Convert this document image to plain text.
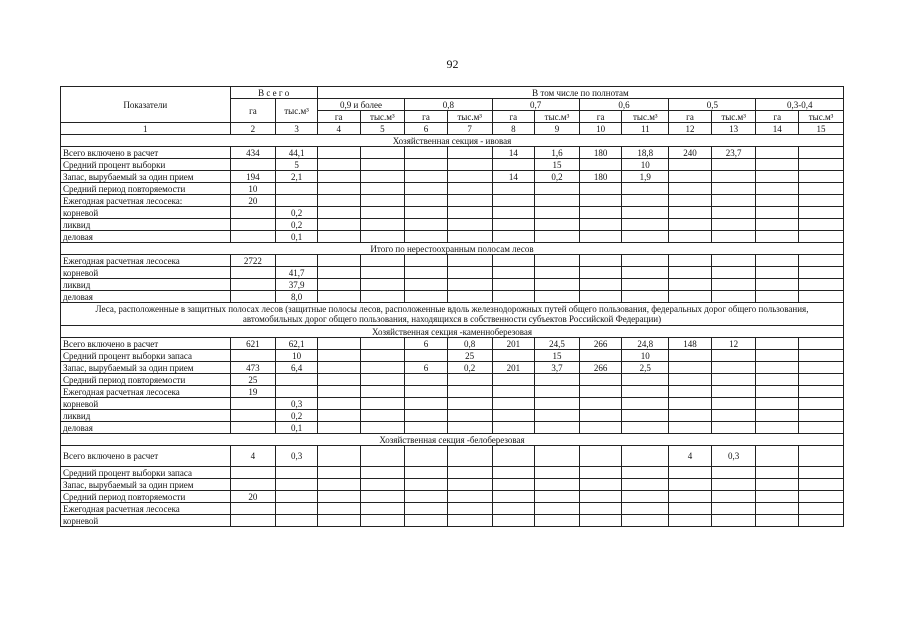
92
Показатели	В с е г о		В том числе по полнотам											
	га	тыс.м³	0,9 и более		0,8		0,7		0,6		0,5		0,3-0,4	
			га	тыс.м³	га	тыс.м³	га	тыс.м³	га	тыс.м³	га	тыс.м³	га	тыс.м³
1	2	3	4	5	6	7	8	9	10	11	12	13	14	15
Хозяйственная секция - ивовая														
Всего включено в расчет	434	44,1					14	1,6	180	18,8	240	23,7		
Средний процент выборки		5						15		10				
Запас, вырубаемый за один прием	194	2,1					14	0,2	180	1,9				
Средний период повторяемости	10													
Ежегодная расчетная лесосека:	20													
корневой		0,2												
ликвид		0,2												
деловая		0,1												
Итого по нерестоохранным полосам лесов														
Ежегодная расчетная лесосека	2722													
корневой		41,7												
ликвид		37,9												
деловая		8,0												
Леса, расположенные в защитных полосах лесов (защитные полосы лесов, расположенные вдоль железнодорожных путей общего пользования, федеральных дорог общего пользования, автомобильных дорог общего пользования, находящихся в собственности субъектов Российской Федерации)														
Хозяйственная секция -каменноберезовая														
Всего включено в расчет	621	62,1			6	0,8	201	24,5	266	24,8	148	12		
Средний процент выборки запаса		10				25		15		10				
Запас, вырубаемый за один прием	473	6,4			6	0,2	201	3,7	266	2,5				
Средний период повторяемости	25													
Ежегодная расчетная лесосека	19													
корневой		0,3												
ликвид		0,2												
деловая		0,1												
Хозяйственная секция -белоберезовая														
Всего включено в расчет	4	0,3									4	0,3		
Средний процент выборки запаса														
Запас, вырубаемый за один прием														
Средний период повторяемости	20													
Ежегодная расчетная лесосека														
корневой														
